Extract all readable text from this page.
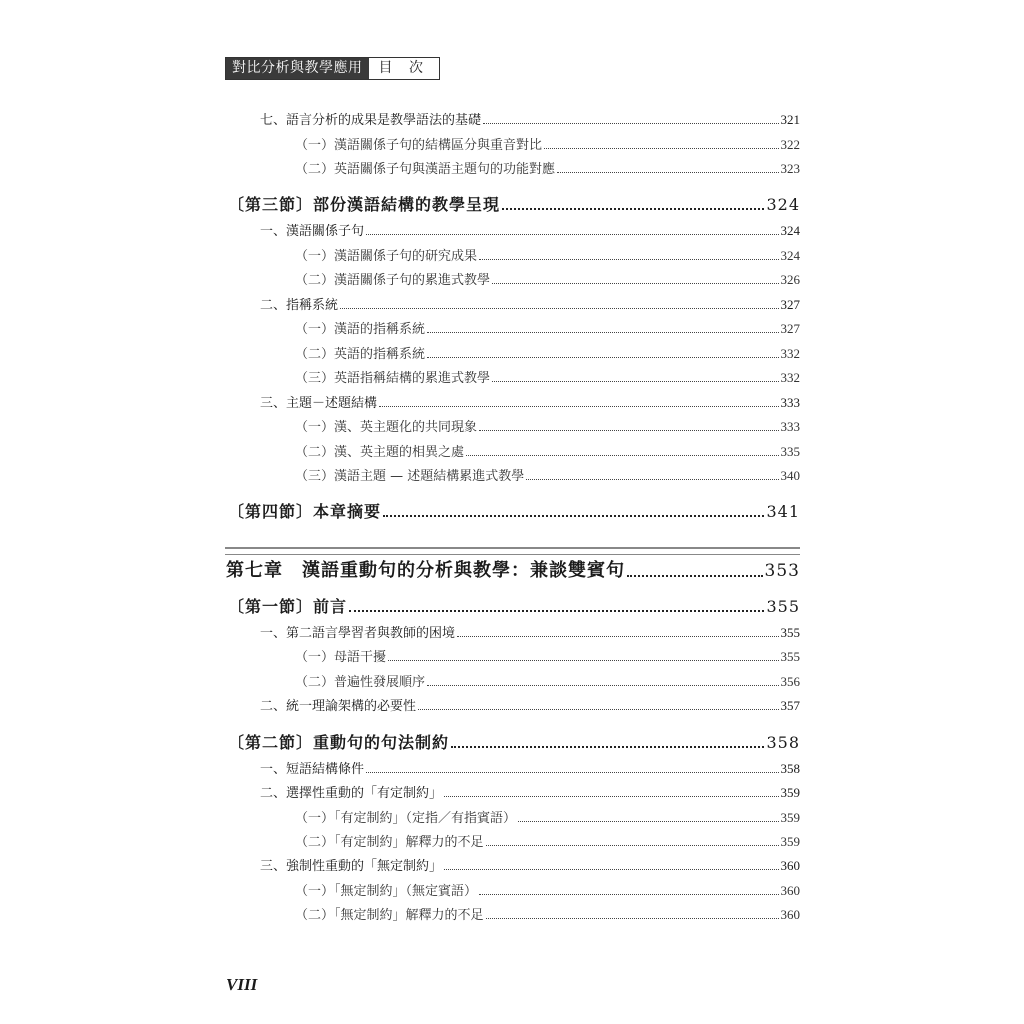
對比分析與教學應用	目 次
七、語言分析的成果是教學語法的基礎	321
（一）漢語關係子句的結構區分與重音對比	322
（二）英語關係子句與漢語主題句的功能對應	323
〔第三節〕部份漢語結構的教學呈現	324
一、漢語關係子句	324
（一）漢語關係子句的研究成果	324
（二）漢語關係子句的累進式教學	326
二、指稱系統	327
（一）漢語的指稱系統	327
（二）英語的指稱系統	332
（三）英語指稱結構的累進式教學	332
三、主題－述題結構	333
（一）漢、英主題化的共同現象	333
（二）漢、英主題的相異之處	335
（三）漢語主題 — 述題結構累進式教學	340
〔第四節〕本章摘要	341
第七章　漢語重動句的分析與教學：兼談雙賓句	353
〔第一節〕前言	355
一、第二語言學習者與教師的困境	355
（一）母語干擾	355
（二）普遍性發展順序	356
二、統一理論架構的必要性	357
〔第二節〕重動句的句法制約	358
一、短語結構條件	358
二、選擇性重動的「有定制約」	359
（一）「有定制約」（定指／有指賓語）	359
（二）「有定制約」解釋力的不足	359
三、強制性重動的「無定制約」	360
（一）「無定制約」（無定賓語）	360
（二）「無定制約」解釋力的不足	360
VIII
